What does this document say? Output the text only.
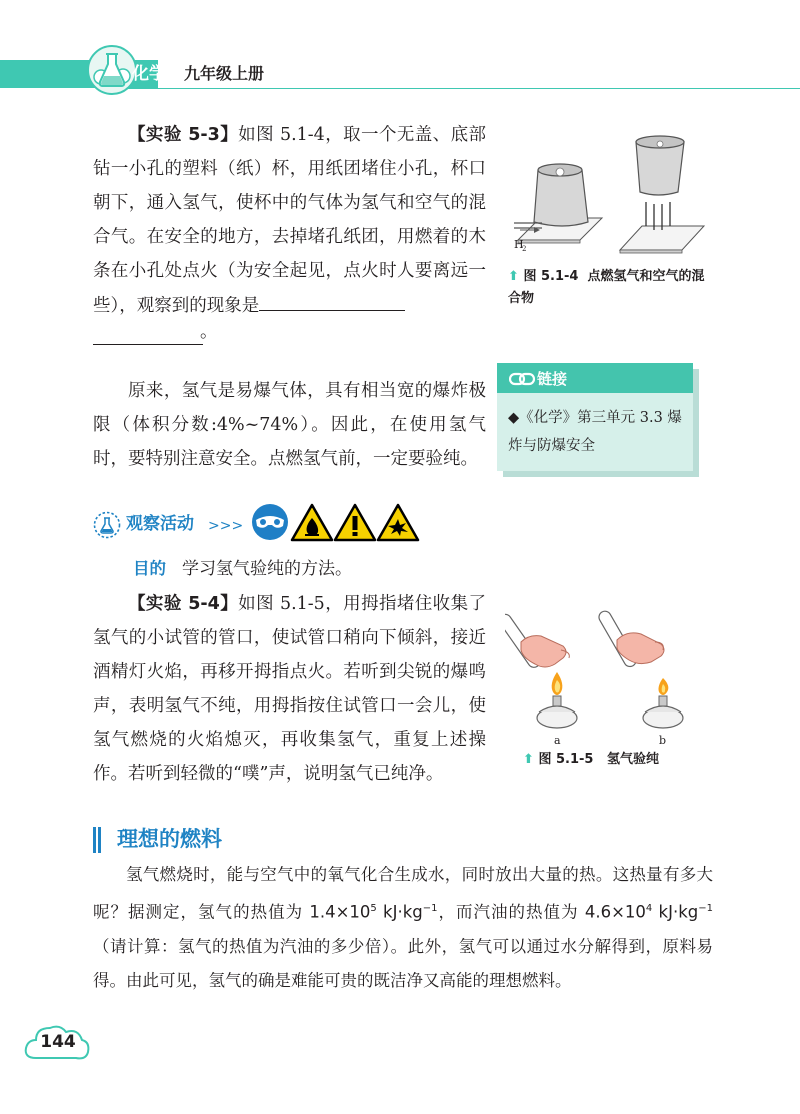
化学	九年级上册

【实验 5-3】如图 5.1-4，取一个无盖、底部钻一小孔的塑料（纸）杯，用纸团堵住小孔，杯口朝下，通入氢气，使杯中的气体为氢气和空气的混合气。在安全的地方，去掉堵孔纸团，用燃着的木条在小孔处点火（为安全起见，点火时人要离远一些），观察到的现象是

。
H
2
⬆ 图 5.1-4 点燃氢气和空气的混合物

原来，氢气是易爆气体，具有相当宽的爆炸极限（体积分数:4%~74%）。因此，在使用氢气时，要特别注意安全。点燃氢气前，一定要验纯。

链接
◆《化学》第三单元 3.3 爆炸与防爆安全
观察活动 >>>
目的 学习氢气验纯的方法。

【实验 5-4】如图 5.1-5，用拇指堵住收集了氢气的小试管的管口，使试管口稍向下倾斜，接近酒精灯火焰，再移开拇指点火。若听到尖锐的爆鸣声，表明氢气不纯，用拇指按住试管口一会儿，使氢气燃烧的火焰熄灭，再收集氢气，重复上述操作。若听到轻微的“噗”声，说明氢气已纯净。

a	b
⬆ 图 5.1-5 氢气验纯
理想的燃料

氢气燃烧时，能与空气中的氧气化合生成水，同时放出大量的热。这热量有多大呢？据测定，氢气的热值为 $1.4\times 10^5$ $kJ\cdot kg^{-1}$，而汽油的热值为 $4.6\times 10^4$ $kJ\cdot kg^{-1}$（请计算：氢气的热值为汽油的多少倍）。此外，氢气可以通过水分解得到，原料易得。由此可见，氢气的确是难能可贵的既洁净又高能的理想燃料。

144
